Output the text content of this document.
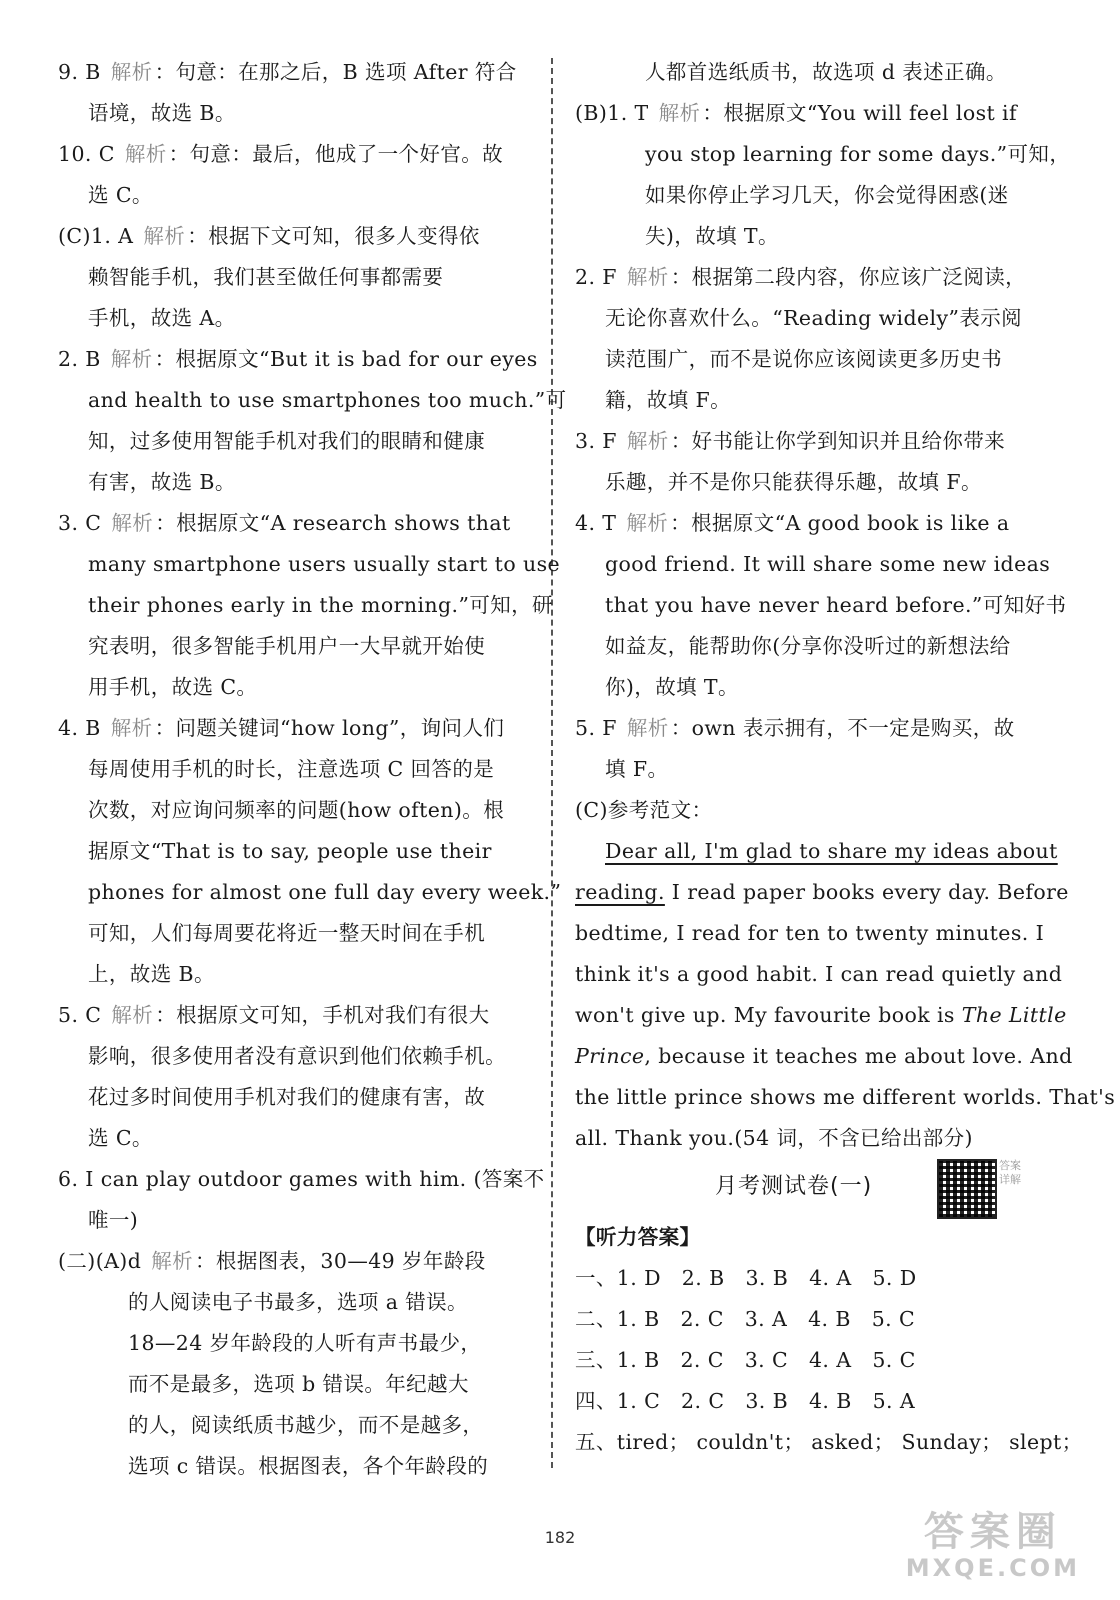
9. B 解析：句意：在那之后，B 选项 After 符合
语境，故选 B。
10. C 解析：句意：最后，他成了一个好官。故
选 C。
(C)1. A 解析：根据下文可知，很多人变得依
赖智能手机，我们甚至做任何事都需要
手机，故选 A。
2. B 解析：根据原文“But it is bad for our eyes
and health to use smartphones too much.”可
知，过多使用智能手机对我们的眼睛和健康
有害，故选 B。
3. C 解析：根据原文“A research shows that
many smartphone users usually start to use
their phones early in the morning.”可知，研
究表明，很多智能手机用户一大早就开始使
用手机，故选 C。
4. B 解析：问题关键词“how long”，询问人们
每周使用手机的时长，注意选项 C 回答的是
次数，对应询问频率的问题(how often)。根
据原文“That is to say, people use their
phones for almost one full day every week.”
可知，人们每周要花将近一整天时间在手机
上，故选 B。
5. C 解析：根据原文可知，手机对我们有很大
影响，很多使用者没有意识到他们依赖手机。
花过多时间使用手机对我们的健康有害，故
选 C。
6. I can play outdoor games with him. (答案不
唯一)
(二)(A)d 解析：根据图表，30—49 岁年龄段
的人阅读电子书最多，选项 a 错误。
18—24 岁年龄段的人听有声书最少，
而不是最多，选项 b 错误。年纪越大
的人，阅读纸质书越少，而不是越多，
选项 c 错误。根据图表，各个年龄段的
人都首选纸质书，故选项 d 表述正确。
(B)1. T 解析：根据原文“You will feel lost if
you stop learning for some days.”可知，
如果你停止学习几天，你会觉得困惑(迷
失)，故填 T。
2. F 解析：根据第二段内容，你应该广泛阅读，
无论你喜欢什么。“Reading widely”表示阅
读范围广，而不是说你应该阅读更多历史书
籍，故填 F。
3. F 解析：好书能让你学到知识并且给你带来
乐趣，并不是你只能获得乐趣，故填 F。
4. T 解析：根据原文“A good book is like a
good friend. It will share some new ideas
that you have never heard before.”可知好书
如益友，能帮助你(分享你没听过的新想法给
你)，故填 T。
5. F 解析：own 表示拥有，不一定是购买，故
填 F。
(C)参考范文：
Dear all, I'm glad to share my ideas about
reading. I read paper books every day. Before
bedtime, I read for ten to twenty minutes. I
think it's a good habit. I can read quietly and
won't give up. My favourite book is The Little
Prince, because it teaches me about love. And
the little prince shows me different worlds. That's
all. Thank you.(54 词，不含已给出部分)
月考测试卷(一)
答案详解
【听力答案】
一、1. D　2. B　3. B　4. A　5. D
二、1. B　2. C　3. A　4. B　5. C
三、1. B　2. C　3. C　4. A　5. C
四、1. C　2. C　3. B　4. B　5. A
五、tired； couldn't； asked； Sunday； slept；
182	答案圈
MXQE.COM
